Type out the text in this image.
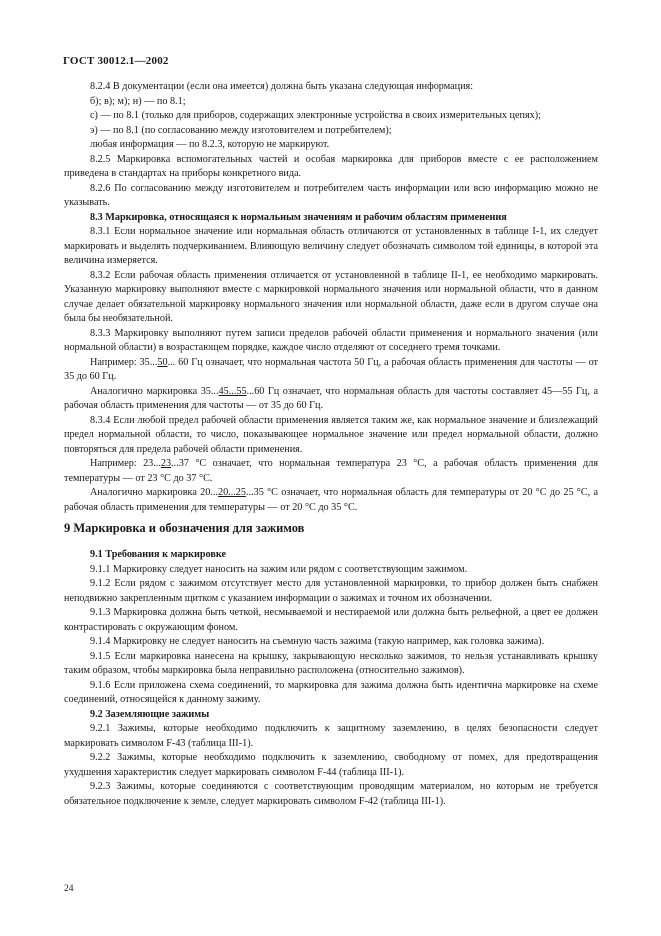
ГОСТ 30012.1—2002

8.2.4 В документации (если она имеется) должна быть указана следующая информация:

б); в); м); н) — по 8.1;

с) — по 8.1 (только для приборов, содержащих электронные устройства в своих измерительных цепях);

э) — по 8.1 (по согласованию между изготовителем и потребителем);

любая информация — по 8.2.3, которую не маркируют.

8.2.5 Маркировка вспомогательных частей и особая маркировка для приборов вместе с ее расположением приведена в стандартах на приборы конкретного вида.

8.2.6 По согласованию между изготовителем и потребителем часть информации или всю информацию можно не указывать.

8.3 Маркировка, относящаяся к нормальным значениям и рабочим областям применения

8.3.1 Если нормальное значение или нормальная область отличаются от установленных в таблице I-1, их следует маркировать и выделять подчеркиванием. Влияющую величину следует обозначать символом той единицы, в которой эта величина измеряется.

8.3.2 Если рабочая область применения отличается от установленной в таблице II-1, ее необходимо маркировать. Указанную маркировку выполняют вместе с маркировкой нормального значения или нормальной области, что в данном случае делает обязательной маркировку нормального значения или нормальной области, даже если в другом случае она была бы необязательной.

8.3.3 Маркировку выполняют путем записи пределов рабочей области применения и нормального значения (или нормальной области) в возрастающем порядке, каждое число отделяют от соседнего тремя точками.

Например: 35...50... 60 Гц означает, что нормальная частота 50 Гц, а рабочая область применения для частоты — от 35 до 60 Гц.

Аналогично маркировка 35...45...55...60 Гц означает, что нормальная область для частоты составляет 45—55 Гц, а рабочая область применения для частоты — от 35 до 60 Гц.

8.3.4 Если любой предел рабочей области применения является таким же, как нормальное значение и близлежащий предел нормальной области, то число, показывающее нормальное значение или предел нормальной области, должно повторяться для предела рабочей области применения.

Например: 23...23...37 °С означает, что нормальная температура 23 °С, а рабочая область применения для температуры — от 23 °С до 37 °С.

Аналогично маркировка 20...20...25...35 °С означает, что нормальная область для температуры от 20 °С до 25 °С, а рабочая область применения для температуры — от 20 °С до 35 °С.

9 Маркировка и обозначения для зажимов

9.1 Требования к маркировке

9.1.1 Маркировку следует наносить на зажим или рядом с соответствующим зажимом.

9.1.2 Если рядом с зажимом отсутствует место для установленной маркировки, то прибор должен быть снабжен неподвижно закрепленным щитком с указанием информации о зажимах и точном их обозначении.

9.1.3 Маркировка должна быть четкой, несмываемой и нестираемой или должна быть рельефной, а цвет ее должен контрастировать с окружающим фоном.

9.1.4 Маркировку не следует наносить на съемную часть зажима (такую например, как головка зажима).

9.1.5 Если маркировка нанесена на крышку, закрывающую несколько зажимов, то нельзя устанавливать крышку таким образом, чтобы маркировка была неправильно расположена (относительно зажимов).

9.1.6 Если приложена схема соединений, то маркировка для зажима должна быть идентична маркировке на схеме соединений, относящейся к данному зажиму.

9.2 Заземляющие зажимы

9.2.1 Зажимы, которые необходимо подключить к защитному заземлению, в целях безопасности следует маркировать символом F-43 (таблица III-1).

9.2.2 Зажимы, которые необходимо подключить к заземлению, свободному от помех, для предотвращения ухудшения характеристик следует маркировать символом F-44 (таблица III-1).

9.2.3 Зажимы, которые соединяются с соответствующим проводящим материалом, но которым не требуется обязательное подключение к земле, следует маркировать символом F-42 (таблица III-1).

24
